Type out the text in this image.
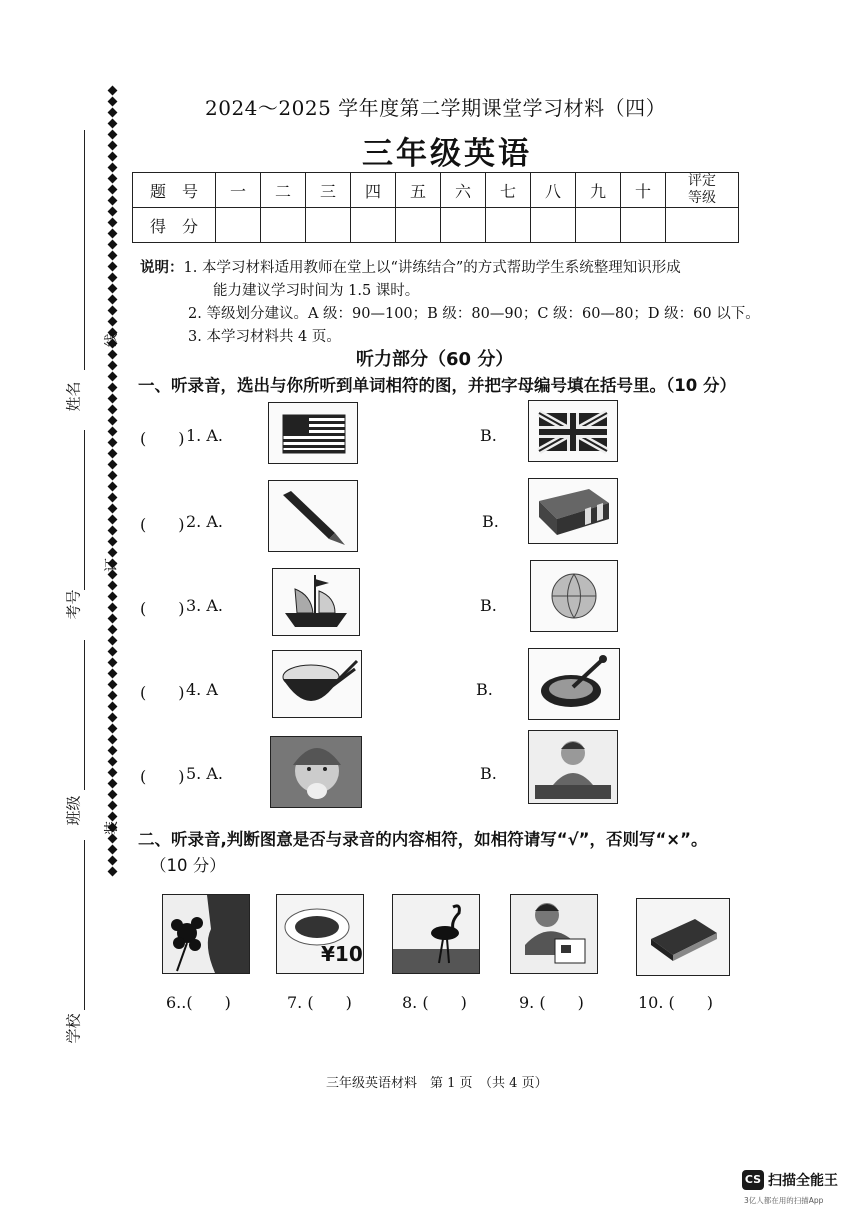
姓名
考号
班级
学校
线
订
装
2024～2025 学年度第二学期课堂学习材料（四）
三年级英语
题　号	一	二	三	四	五	六	七	八	九	十	评定
等级

得　分											
说明：1. 本学习材料适用教师在堂上以“讲练结合”的方式帮助学生系统整理知识形成
能力建议学习时间为 1.5 课时。
2. 等级划分建议。A 级：90—100；B 级：80—90；C 级：60—80；D 级：60 以下。
3. 本学习材料共 4 页。
听力部分（60 分）
一、听录音，选出与你所听到单词相符的图，并把字母编号填在括号里。（10 分）
(　　) 1. A.	B.
(　　) 2. A.	B.
(　　) 3. A.	B.
(　　) 4. A	B.
(　　) 5. A.	B.
二、听录音,判断图意是否与录音的内容相符，如相符请写“√”，否则写“×”。
（10 分）
¥10
6..(　　)	7. (　　)	8. (　　)	9. (　　)	10. (　　)
三年级英语材料　第 1 页　（共 4 页）
CS 扫描全能王
3亿人都在用的扫描App
